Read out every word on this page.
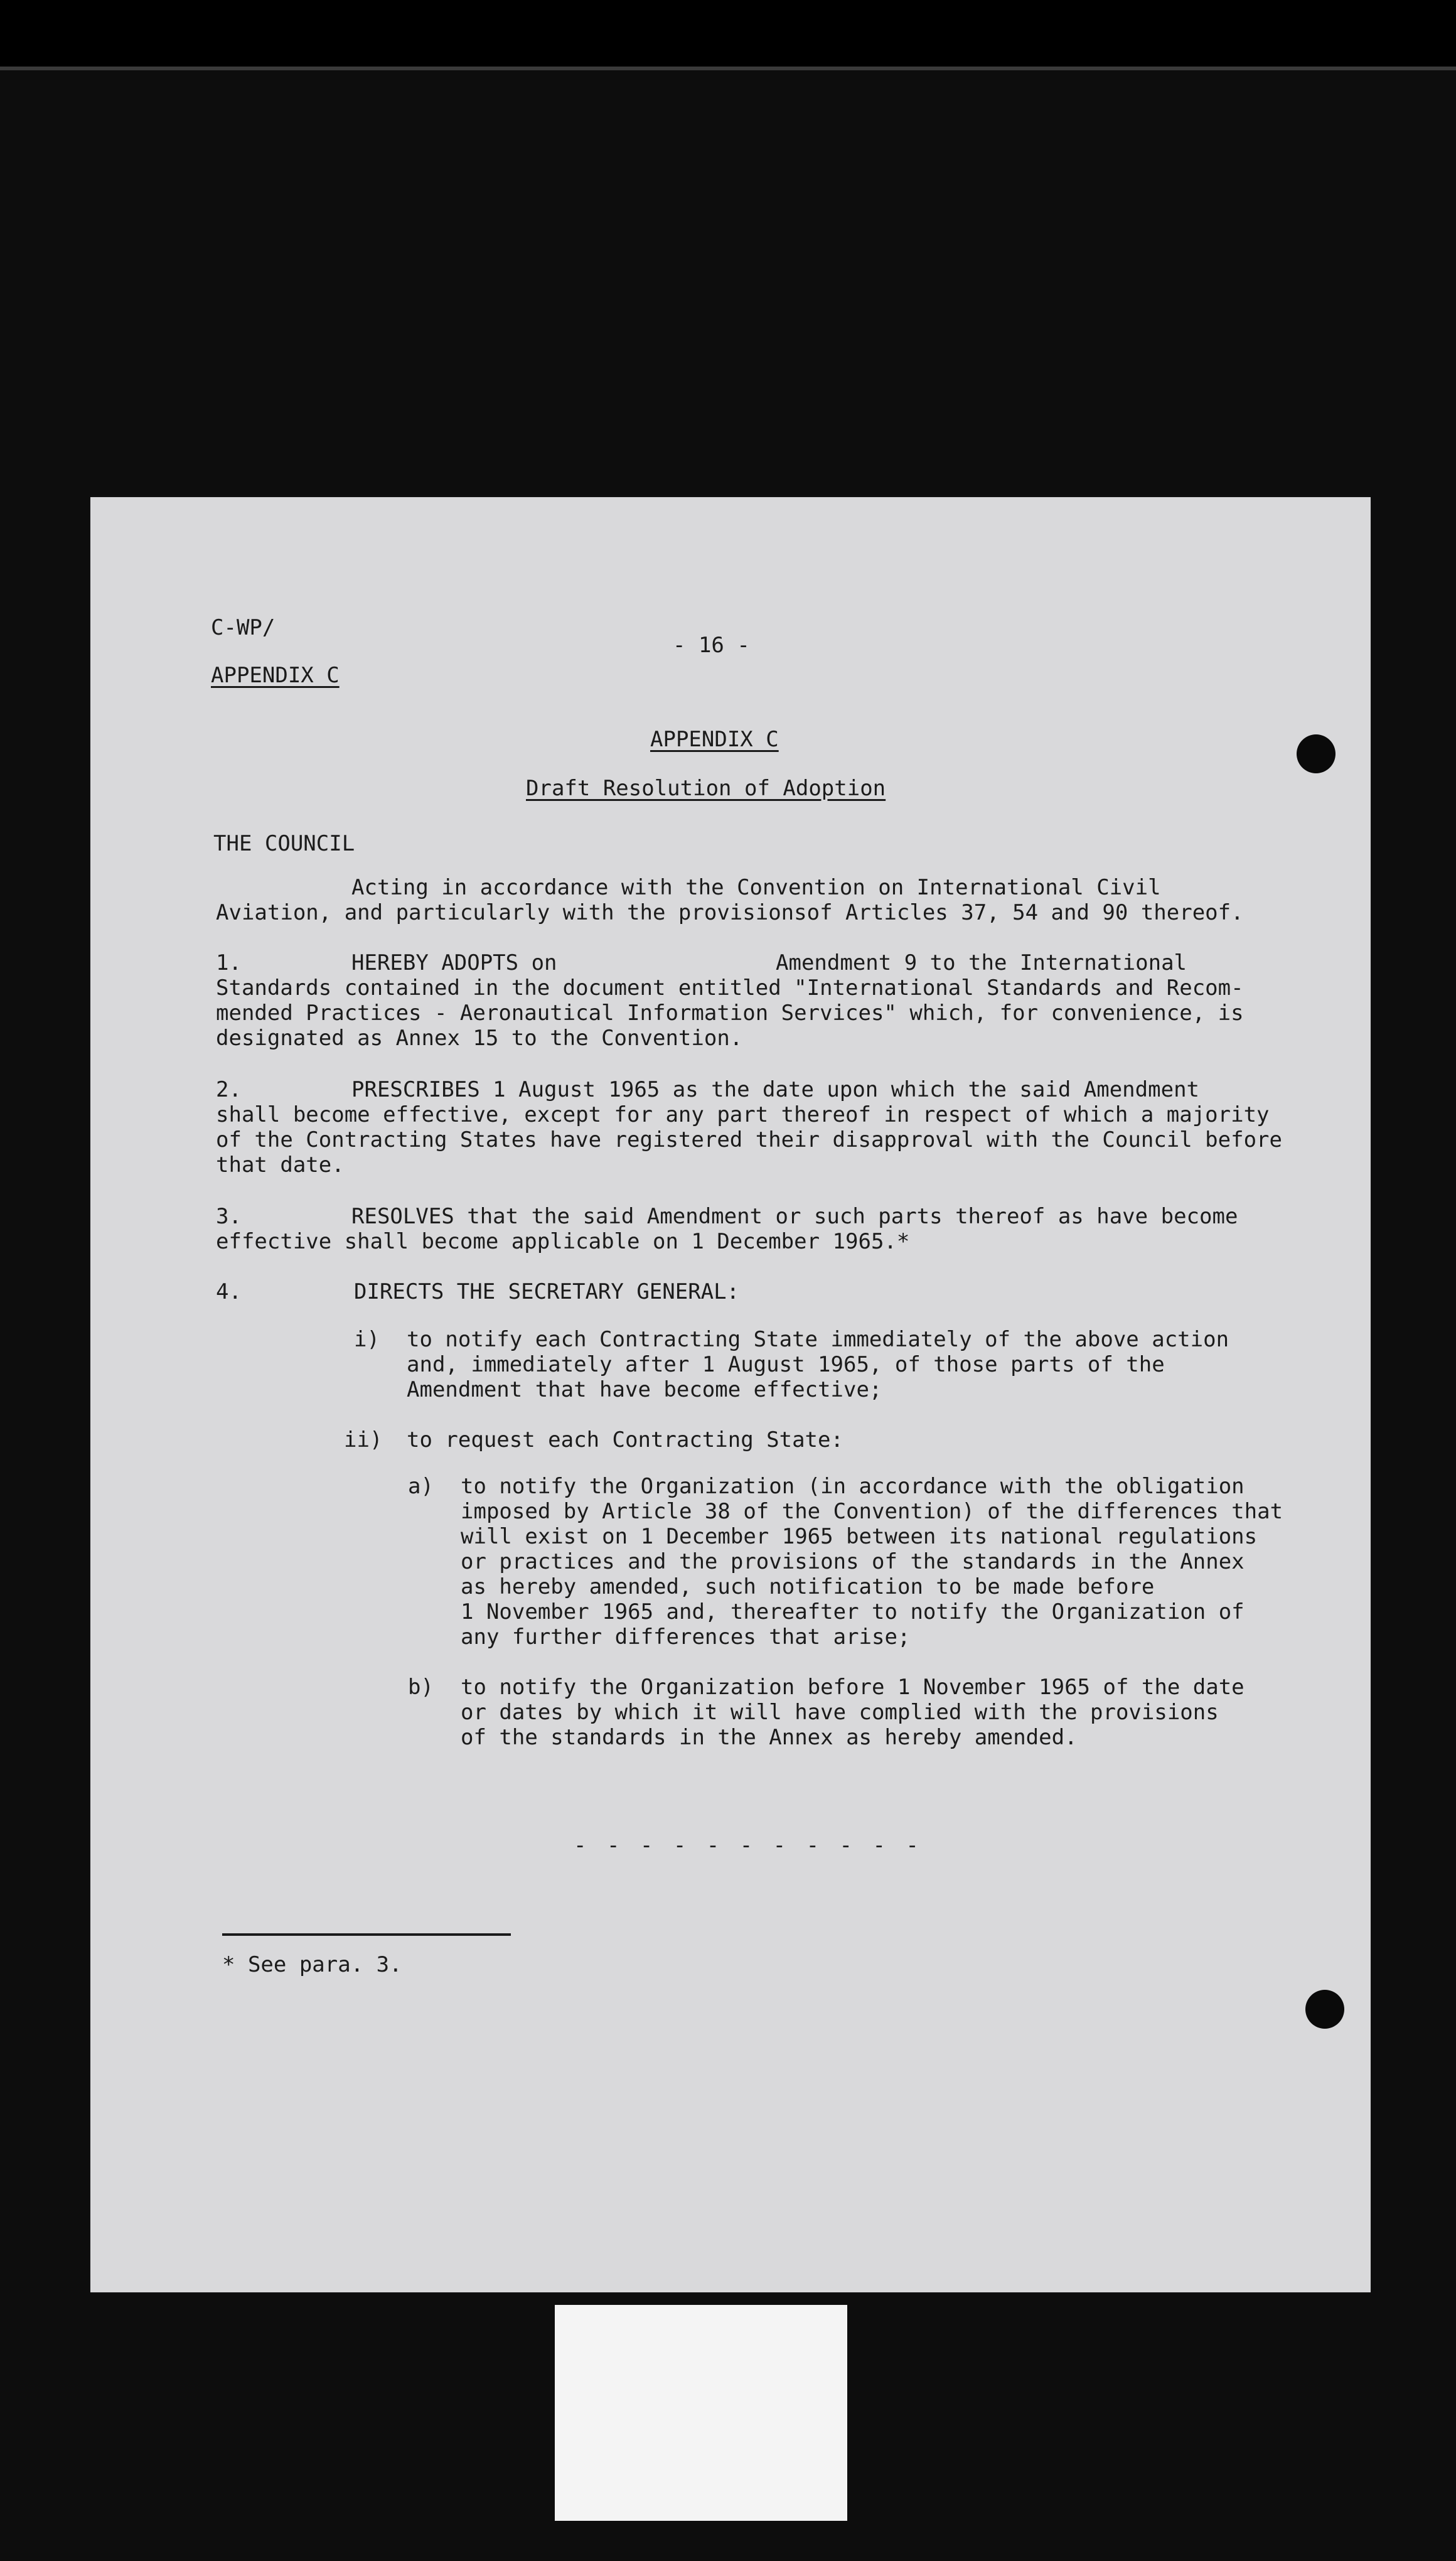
C-WP/
- 16 -
APPENDIX C
APPENDIX C
Draft Resolution of Adoption
THE COUNCIL
Acting in accordance with the Convention on International Civil
Aviation, and particularly with the provisionsof Articles 37, 54 and 90 thereof.
1.	HEREBY ADOPTS on	Amendment 9 to the International
Standards contained in the document entitled "International Standards and Recom-
mended Practices - Aeronautical Information Services" which, for convenience, is
designated as Annex 15 to the Convention.
2.	PRESCRIBES 1 August 1965 as the date upon which the said Amendment
shall become effective, except for any part thereof in respect of which a majority
of the Contracting States have registered their disapproval with the Council before
that date.
3.	RESOLVES that the said Amendment or such parts thereof as have become
effective shall become applicable on 1 December 1965.*
4.	DIRECTS THE SECRETARY GENERAL:
i) to notify each Contracting State immediately of the above action
and, immediately after 1 August 1965, of those parts of the
Amendment that have become effective;
ii) to request each Contracting State:
a) to notify the Organization (in accordance with the obligation
imposed by Article 38 of the Convention) of the differences that
will exist on 1 December 1965 between its national regulations
or practices and the provisions of the standards in the Annex
as hereby amended, such notification to be made before
1 November 1965 and, thereafter to notify the Organization of
any further differences that arise;
b) to notify the Organization before 1 November 1965 of the date
or dates by which it will have complied with the provisions
of the standards in the Annex as hereby amended.
- - - - - - - - - - -
* See para. 3.
